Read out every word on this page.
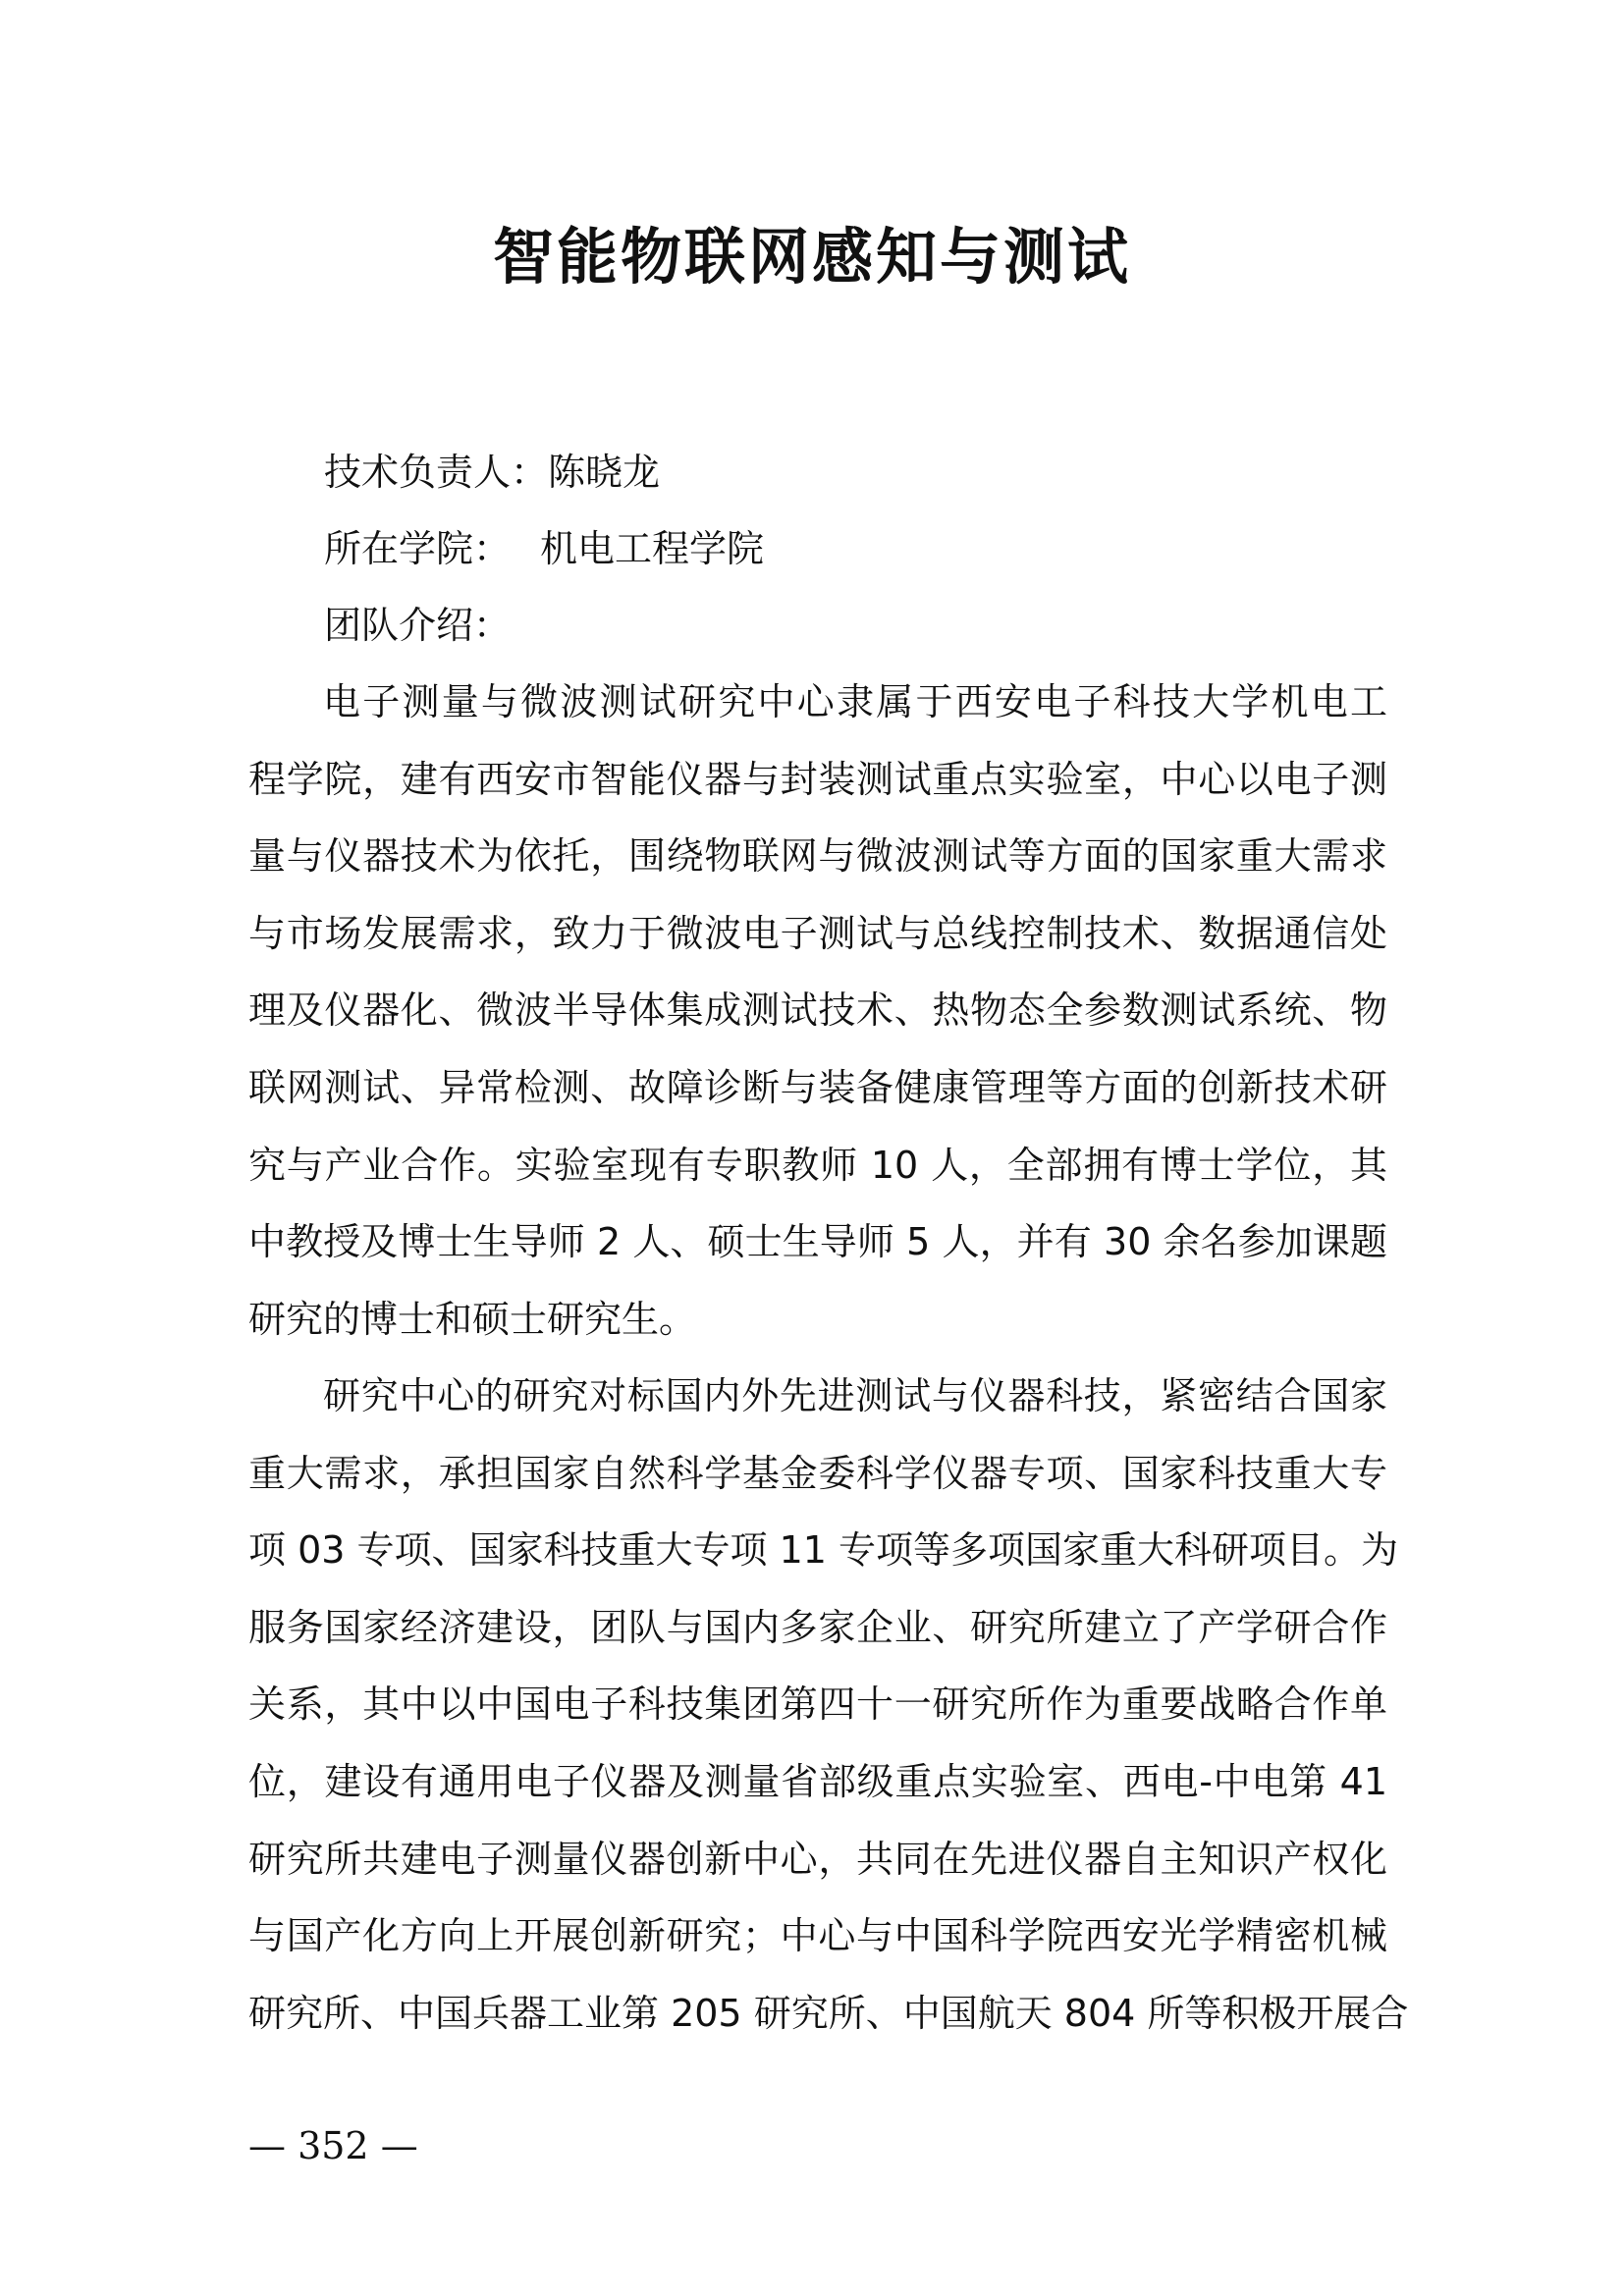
智能物联网感知与测试
技术负责人：陈晓龙
所在学院： 机电工程学院
团队介绍：
电子测量与微波测试研究中心隶属于西安电子科技大学机电工
程学院，建有西安市智能仪器与封装测试重点实验室，中心以电子测
量与仪器技术为依托，围绕物联网与微波测试等方面的国家重大需求
与市场发展需求，致力于微波电子测试与总线控制技术、数据通信处
理及仪器化、微波半导体集成测试技术、热物态全参数测试系统、物
联网测试、异常检测、故障诊断与装备健康管理等方面的创新技术研
究与产业合作。实验室现有专职教师 10 人，全部拥有博士学位，其
中教授及博士生导师 2 人、硕士生导师 5 人，并有 30 余名参加课题
研究的博士和硕士研究生。
研究中心的研究对标国内外先进测试与仪器科技，紧密结合国家
重大需求，承担国家自然科学基金委科学仪器专项、国家科技重大专
项 03 专项、国家科技重大专项 11 专项等多项国家重大科研项目。为
服务国家经济建设，团队与国内多家企业、研究所建立了产学研合作
关系，其中以中国电子科技集团第四十一研究所作为重要战略合作单
位，建设有通用电子仪器及测量省部级重点实验室、西电-中电第 41
研究所共建电子测量仪器创新中心，共同在先进仪器自主知识产权化
与国产化方向上开展创新研究；中心与中国科学院西安光学精密机械
研究所、中国兵器工业第 205 研究所、中国航天 804 所等积极开展合
— 352 —
